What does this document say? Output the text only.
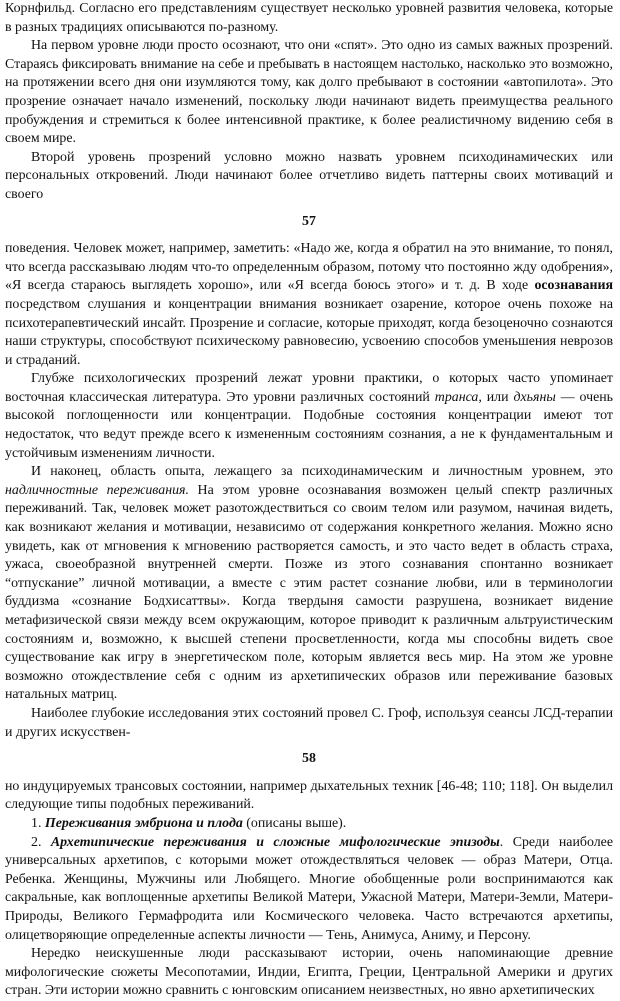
Корнфильд. Согласно его представлениям существует несколько уровней развития человека, которые в разных традициях описываются по-разному.

На первом уровне люди просто осознают, что они «спят». Это одно из самых важных прозрений. Стараясь фиксировать внимание на себе и пребывать в настоящем настолько, насколько это возможно, на протяжении всего дня они изумляются тому, как долго пребывают в состоянии «автопилота». Это прозрение означает начало изменений, поскольку люди начинают видеть преимущества реального пробуждения и стремиться к более интенсивной практике, к более реалистичному видению себя в своем мире.

Второй уровень прозрений условно можно назвать уровнем психодинамических или персональных откровений. Люди начинают более отчетливо видеть паттерны своих мотиваций и своего

57

поведения. Человек может, например, заметить: «Надо же, когда я обратил на это внимание, то понял, что всегда рассказываю людям что-то определенным образом, потому что постоянно жду одобрения», «Я всегда стараюсь выглядеть хорошо», или «Я всегда боюсь этого» и т. д. В ходе осознавания посредством слушания и концентрации внимания возникает озарение, которое очень похоже на психотерапевтический инсайт. Прозрение и согласие, которые приходят, когда безоценочно сознаются наши структуры, способствуют психическому равновесию, усвоению способов уменьшения неврозов и страданий.

Глубже психологических прозрений лежат уровни практики, о которых часто упоминает восточная классическая литература. Это уровни различных состояний транса, или дхьяны — очень высокой поглощенности или концентрации. Подобные состояния концентрации имеют тот недостаток, что ведут прежде всего к измененным состояниям сознания, а не к фундаментальным и устойчивым изменениям личности.

И наконец, область опыта, лежащего за психодинамическим и личностным уровнем, это надличностные переживания. На этом уровне осознавания возможен целый спектр различных переживаний. Так, человек может разотождествиться со своим телом или разумом, начиная видеть, как возникают желания и мотивации, независимо от содержания конкретного желания. Можно ясно увидеть, как от мгновения к мгновению растворяется самость, и это часто ведет в область страха, ужаса, своеобразной внутренней смерти. Позже из этого сознавания спонтанно возникает “отпускание” личной мотивации, а вместе с этим растет сознание любви, или в терминологии буддизма «сознание Бодхисаттвы». Когда твердыня самости разрушена, возникает видение метафизической связи между всем окружающим, которое приводит к различным альтруистическим состояниям и, возможно, к высшей степени просветленности, когда мы способны видеть свое существование как игру в энергетическом поле, которым является весь мир. На этом же уровне возможно отождествление себя с одним из архетипических образов или переживание базовых натальных матриц.

Наиболее глубокие исследования этих состояний провел С. Гроф, используя сеансы ЛСД-терапии и других искусствен-

58

но индуцируемых трансовых состоянии, например дыхательных техник [46-48; 110; 118]. Он выделил следующие типы подобных переживаний.

1. Переживания эмбриона и плода (описаны выше).

2. Архетипические переживания и сложные мифологические эпизоды. Среди наиболее универсальных архетипов, с которыми может отождествляться человек — образ Матери, Отца. Ребенка. Женщины, Мужчины или Любящего. Многие обобщенные роли воспринимаются как сакральные, как воплощенные архетипы Великой Матери, Ужасной Матери, Матери-Земли, Матери-Природы, Великого Гермафродита или Космического человека. Часто встречаются архетипы, олицетворяющие определенные аспекты личности — Тень, Анимуса, Аниму, и Персону.

Нередко неискушенные люди рассказывают истории, очень напоминающие древние мифологические сюжеты Месопотамии, Индии, Египта, Греции, Центральной Америки и других стран. Эти истории можно сравнить с юнговским описанием неизвестных, но явно архетипических
